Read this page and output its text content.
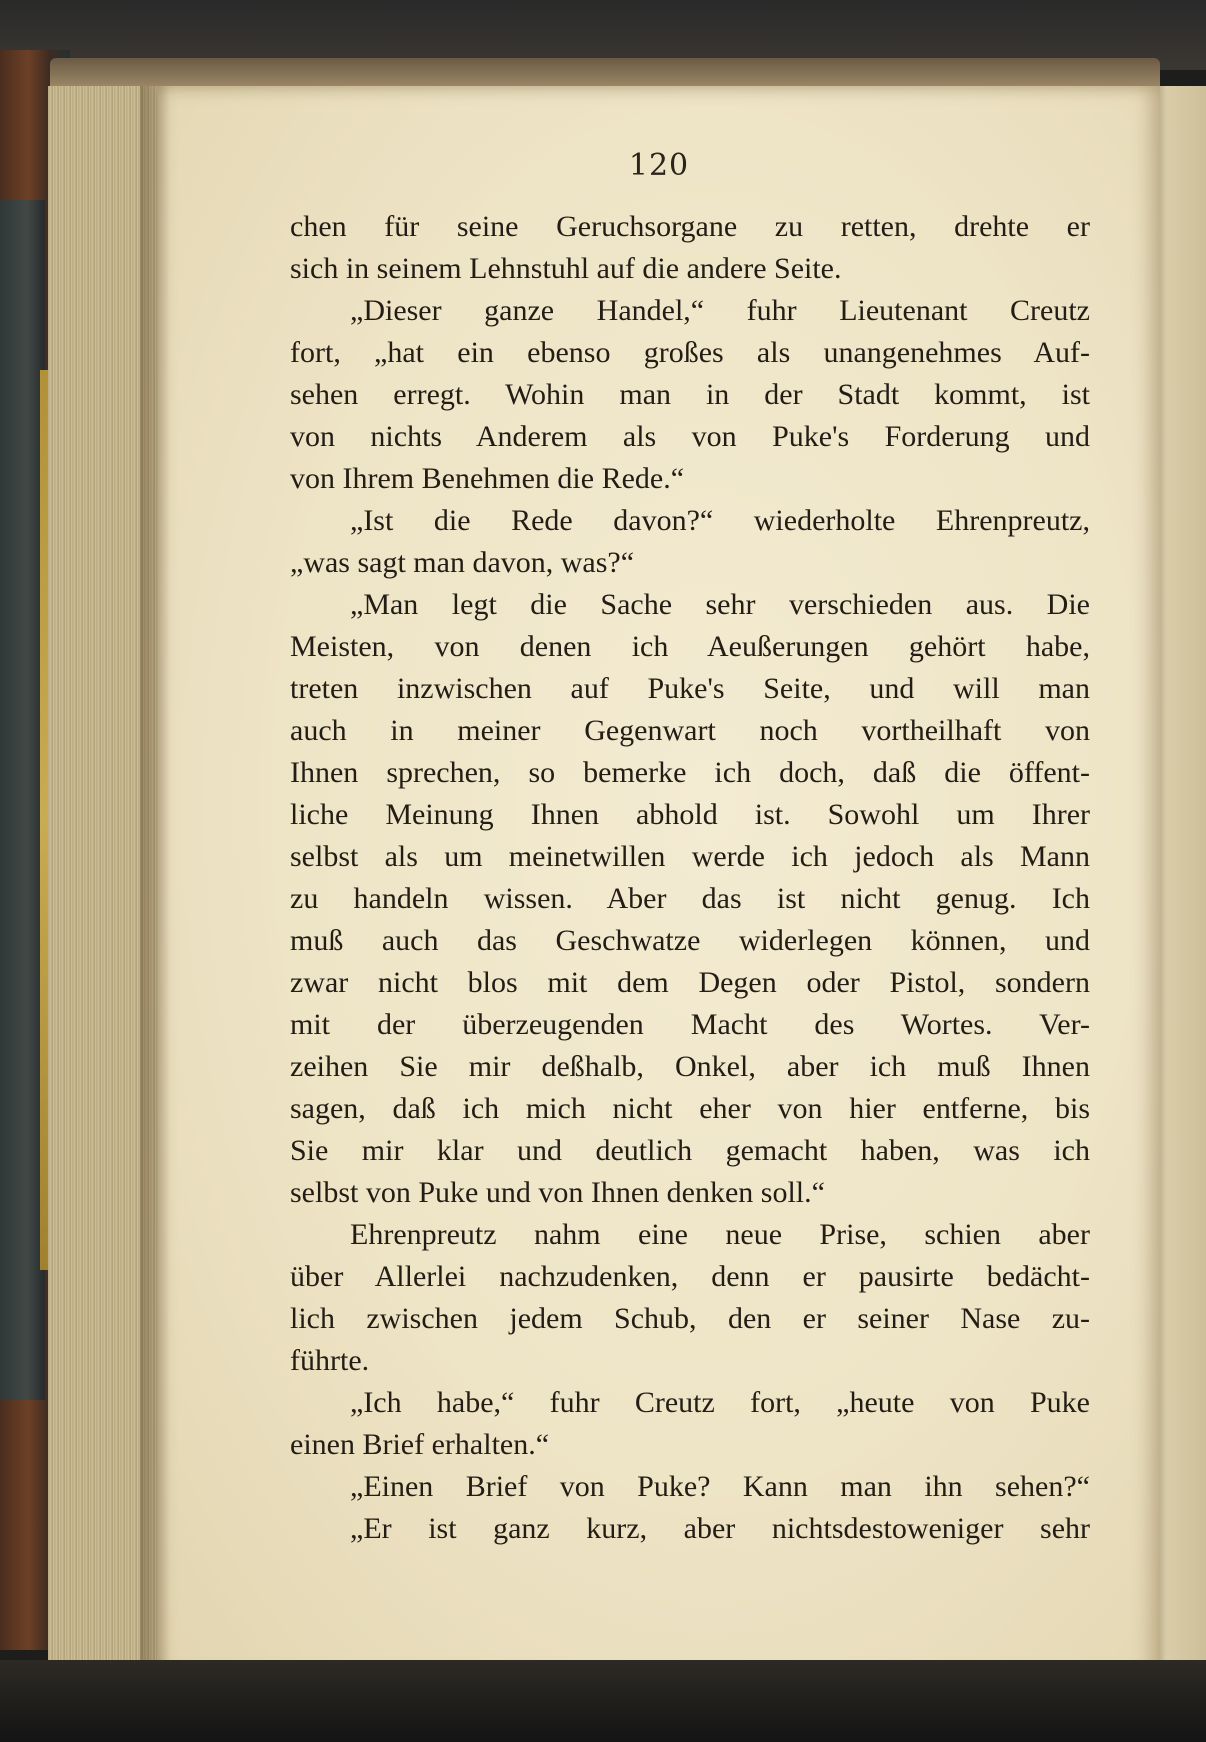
120
chen für seine Geruchsorgane zu retten, drehte er
sich in seinem Lehnstuhl auf die andere Seite.
„Dieser ganze Handel,“ fuhr Lieutenant Creutz
fort, „hat ein ebenso großes als unangenehmes Auf-
sehen erregt. Wohin man in der Stadt kommt, ist
von nichts Anderem als von Puke's Forderung und
von Ihrem Benehmen die Rede.“
„Ist die Rede davon?“ wiederholte Ehrenpreutz,
„was sagt man davon, was?“
„Man legt die Sache sehr verschieden aus. Die
Meisten, von denen ich Aeußerungen gehört habe,
treten inzwischen auf Puke's Seite, und will man
auch in meiner Gegenwart noch vortheilhaft von
Ihnen sprechen, so bemerke ich doch, daß die öffent-
liche Meinung Ihnen abhold ist. Sowohl um Ihrer
selbst als um meinetwillen werde ich jedoch als Mann
zu handeln wissen. Aber das ist nicht genug. Ich
muß auch das Geschwatze widerlegen können, und
zwar nicht blos mit dem Degen oder Pistol, sondern
mit der überzeugenden Macht des Wortes. Ver-
zeihen Sie mir deßhalb, Onkel, aber ich muß Ihnen
sagen, daß ich mich nicht eher von hier entferne, bis
Sie mir klar und deutlich gemacht haben, was ich
selbst von Puke und von Ihnen denken soll.“
Ehrenpreutz nahm eine neue Prise, schien aber
über Allerlei nachzudenken, denn er pausirte bedächt-
lich zwischen jedem Schub, den er seiner Nase zu-
führte.
„Ich habe,“ fuhr Creutz fort, „heute von Puke
einen Brief erhalten.“
„Einen Brief von Puke? Kann man ihn sehen?“
„Er ist ganz kurz, aber nichtsdestoweniger sehr
